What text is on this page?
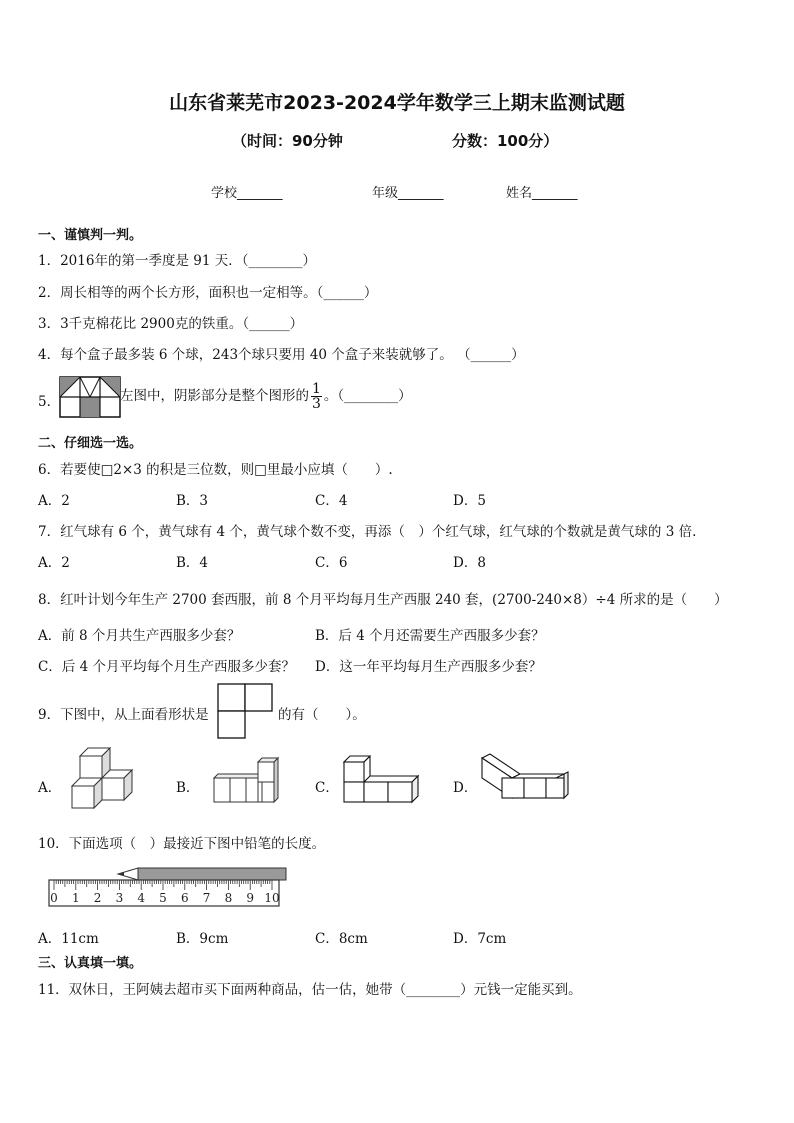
山东省莱芜市2023-2024学年数学三上期末监测试题
（时间：90分钟	分数：100分）
学校_______	年级_______	姓名_______
一、谨慎判一判。
1．2016年的第一季度是 91 天．（________）
2．周长相等的两个长方形，面积也一定相等。（______）
3．3千克棉花比 2900克的铁重。（______）
4．每个盒子最多装 6 个球，243个球只要用 40 个盒子来装就够了。 （______）
5．	左图中，阴影部分是整个图形的 $\frac{1}{3}$ 。（________）
二、仔细选一选。
6．若要使□2×3 的积是三位数，则□里最小应填（　　）.
A．2	B．3	C．4	D．5
7．红气球有 6 个，黄气球有 4 个，黄气球个数不变，再添（　）个红气球，红气球的个数就是黄气球的 3 倍.
A．2	B．4	C．6	D．8
8．红叶计划今年生产 2700 套西服，前 8 个月平均每月生产西服 240 套，(2700-240×8）÷4 所求的是（　　）
A．前 8 个月共生产西服多少套？	B．后 4 个月还需要生产西服多少套？
C．后 4 个月平均每个月生产西服多少套？ D．这一年平均每月生产西服多少套？
9．下图中，从上面看形状是	的有（　　）。
A．	B．	C．	D．
10．下面选项（　）最接近下图中铅笔的长度。
0 1 2 3 4 5 6 7 8 9 10
A．11cm	B．9cm	C．8cm	D．7cm
三、认真填一填。
11．双休日，王阿姨去超市买下面两种商品，估一估，她带（________）元钱一定能买到。
